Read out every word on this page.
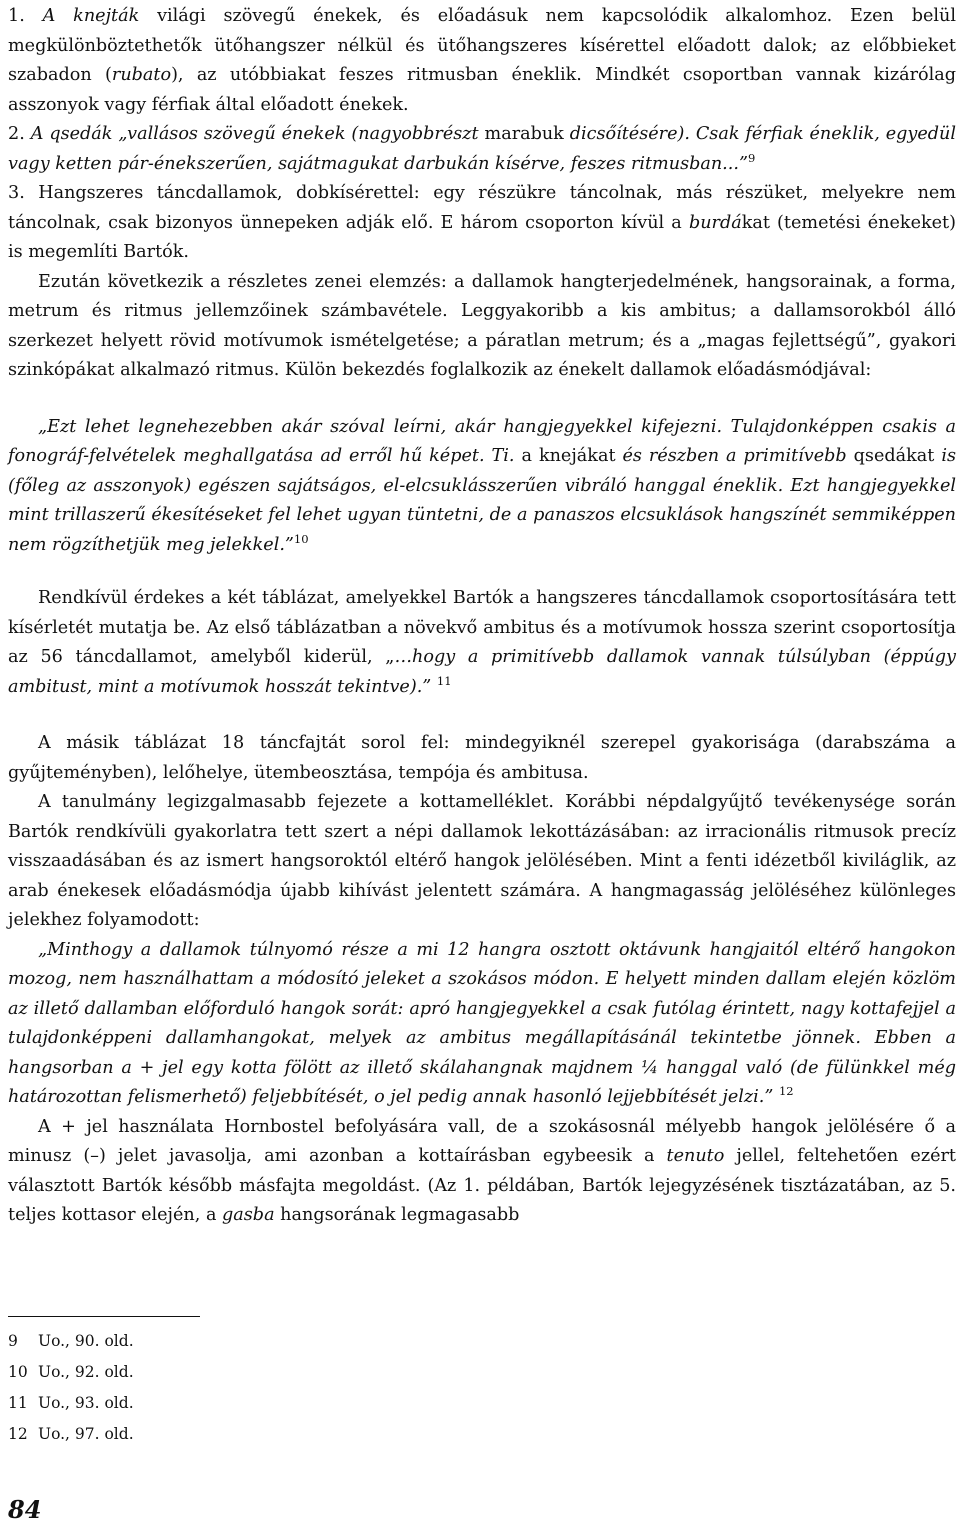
1. A knejták világi szövegű énekek, és előadásuk nem kapcsolódik alkalomhoz. Ezen belül megkülönböztethetők ütőhangszer nélkül és ütőhangszeres kísérettel előadott dalok; az előbbieket szabadon (rubato), az utóbbiakat feszes ritmusban éneklik. Mindkét csoportban vannak kizárólag asszonyok vagy férfiak által előadott énekek.

2. A qsedák „vallásos szövegű énekek (nagyobbrészt marabuk dicsőítésére). Csak férfiak éneklik, egyedül vagy ketten pár-énekszerűen, sajátmagukat darbukán kísérve, feszes ritmusban...”$^9$

3. Hangszeres táncdallamok, dobkísérettel: egy részükre táncolnak, más részüket, melyekre nem táncolnak, csak bizonyos ünnepeken adják elő. E három csoporton kívül a burdákat (temetési énekeket) is megemlíti Bartók.

Ezután következik a részletes zenei elemzés: a dallamok hangterjedelmének, hangsorainak, a forma, metrum és ritmus jellemzőinek számbavétele. Leggyakoribb a kis ambitus; a dallamsorokból álló szerkezet helyett rövid motívumok ismételgetése; a páratlan metrum; és a „magas fejlettségű”, gyakori szinkópákat alkalmazó ritmus. Külön bekezdés foglalkozik az énekelt dallamok előadásmódjával:

„Ezt lehet legnehezebben akár szóval leírni, akár hangjegyekkel kifejezni. Tulajdonképpen csakis a fonográf-felvételek meghallgatása ad erről hű képet. Ti. a knejákat és részben a primitívebb qsedákat is (főleg az asszonyok) egészen sajátságos, el-elcsuklásszerűen vibráló hanggal éneklik. Ezt hangjegyekkel mint trillaszerű ékesítéseket fel lehet ugyan tüntetni, de a panaszos elcsuklások hangszínét semmiképpen nem rögzíthetjük meg jelekkel.”$^{10}$

Rendkívül érdekes a két táblázat, amelyekkel Bartók a hangszeres táncdallamok csoportosítására tett kísérletét mutatja be. Az első táblázatban a növekvő ambitus és a motívumok hossza szerint csoportosítja az 56 táncdallamot, amelyből kiderül, „…hogy a primitívebb dallamok vannak túlsúlyban (éppúgy ambitust, mint a motívumok hosszát tekintve).” $^{11}$

A másik táblázat 18 táncfajtát sorol fel: mindegyiknél szerepel gyakorisága (darabszáma a gyűjteményben), lelőhelye, ütembeosztása, tempója és ambitusa.

A tanulmány legizgalmasabb fejezete a kottamelléklet. Korábbi népdalgyűjtő tevékenysége során Bartók rendkívüli gyakorlatra tett szert a népi dallamok lekottázásában: az irracionális ritmusok precíz visszaadásában és az ismert hangsoroktól eltérő hangok jelölésében. Mint a fenti idézetből kiviláglik, az arab énekesek előadásmódja újabb kihívást jelentett számára. A hangmagasság jelöléséhez különleges jelekhez folyamodott:

„Minthogy a dallamok túlnyomó része a mi 12 hangra osztott oktávunk hangjaitól eltérő hangokon mozog, nem használhattam a módosító jeleket a szokásos módon. E helyett minden dallam elején közlöm az illető dallamban előforduló hangok sorát: apró hangjegyekkel a csak futólag érintett, nagy kottafejjel a tulajdonképpeni dallamhangokat, melyek az ambitus megállapításánál tekintetbe jönnek. Ebben a hangsorban a + jel egy kotta fölött az illető skálahangnak majdnem ¼ hanggal való (de fülünkkel még határozottan felismerhető) feljebbítését, o jel pedig annak hasonló lejjebbítését jelzi.” $^{12}$

A + jel használata Hornbostel befolyására vall, de a szokásosnál mélyebb hangok jelölésére ő a minusz (–) jelet javasolja, ami azonban a kottaírásban egybeesik a tenuto jellel, feltehetően ezért választott Bartók később másfajta megoldást. (Az 1. példában, Bartók lejegyzésének tisztázatában, az 5. teljes kottasor elején, a gasba hangsorának legmagasabb

9 Uo., 90. old.
10 Uo., 92. old.
11 Uo., 93. old.
12 Uo., 97. old.
84
